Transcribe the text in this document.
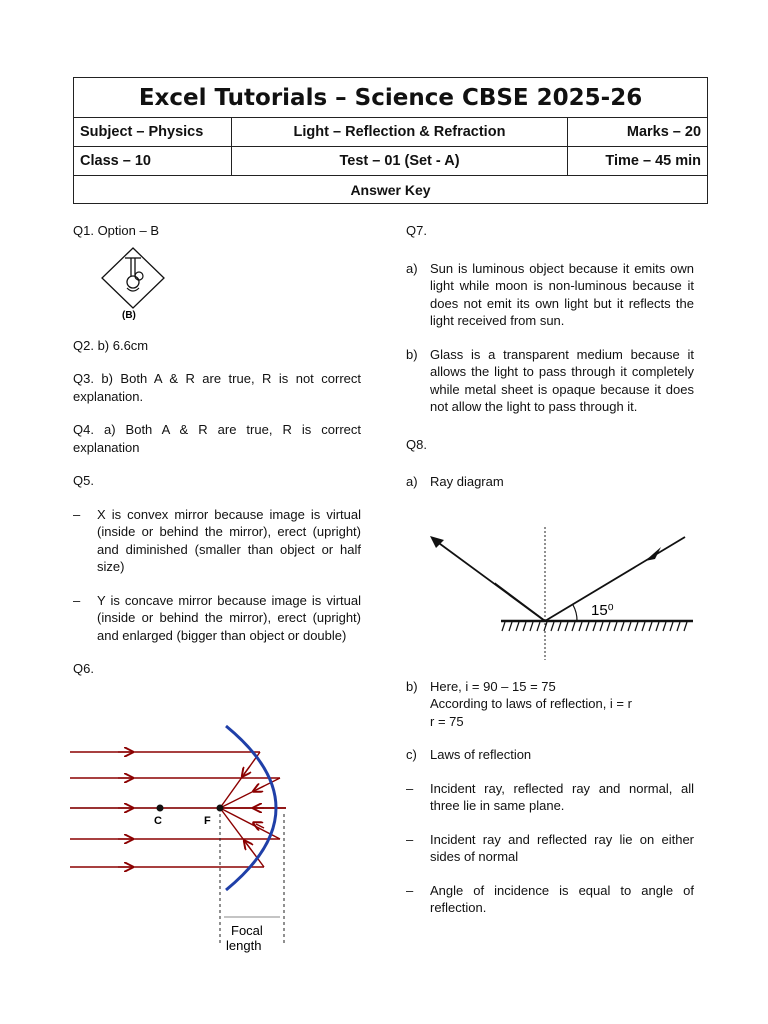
Excel Tutorials – Science CBSE 2025-26		
Subject – Physics	Light – Reflection & Refraction	Marks – 20
Class – 10	Test – 01 (Set - A)	Time – 45 min
Answer Key		

Q1. Option – B

(B)

Q2. b) 6.6cm

Q3. b) Both A & R are true, R is not correct explanation.

Q4. a) Both A & R are true, R is correct explanation

Q5.

–	X is convex mirror because image is virtual (inside or behind the mirror), erect (upright) and diminished (smaller than object or half size)
–	Y is concave mirror because image is virtual (inside or behind the mirror), erect (upright) and enlarged (bigger than object or double)

Q6.

C	F
Focal
length

Q7.

a) Sun is luminous object because it emits own light while moon is non-luminous because it does not emit its own light but it reflects the light received from sun.
b) Glass is a transparent medium because it allows the light to pass through it completely while metal sheet is opaque because it does not allow the light to pass through it.

Q8.

a) Ray diagram
b) Here, i = 90 – 15 = 75
According to laws of reflection, i = r
r = 75
c)	Laws of reflection
–	Incident ray, reflected ray and normal, all three lie in same plane.
–	Incident ray and reflected ray lie on either sides of normal
–	Angle of incidence is equal to angle of reflection.
15⁰
